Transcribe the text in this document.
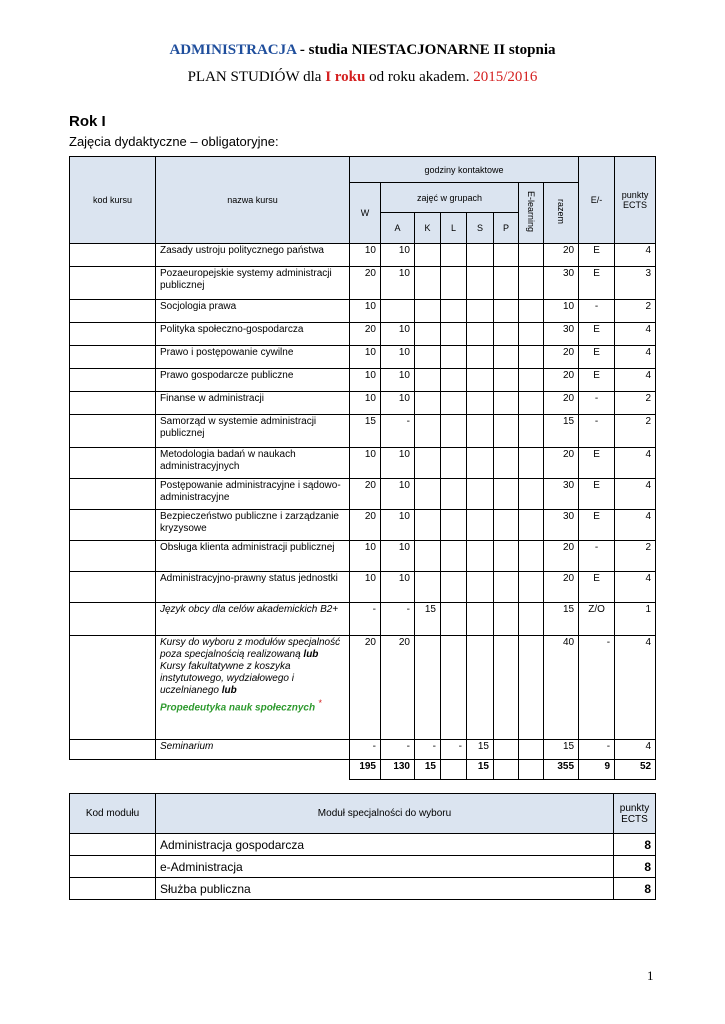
ADMINISTRACJA - studia NIESTACJONARNE II stopnia
PLAN STUDIÓW dla I roku od roku akadem. 2015/2016
Rok I
Zajęcia dydaktyczne – obligatoryjne:
kod kursu	nazwa kursu	godziny kontaktowe								E/-	punkty ECTS
		W	zajęć w grupach					E-learning	razem		
			A	K	L	S	P				
	Zasady ustroju politycznego państwa	10	10						20	E	4
	Pozaeuropejskie systemy administracji publicznej	20	10						30	E	3
	Socjologia prawa	10							10	-	2
	Polityka społeczno-gospodarcza	20	10						30	E	4
	Prawo i postępowanie cywilne	10	10						20	E	4
	Prawo gospodarcze publiczne	10	10						20	E	4
	Finanse w administracji	10	10						20	-	2
	Samorząd w systemie administracji publicznej	15	-						15	-	2
	Metodologia badań w naukach administracyjnych	10	10						20	E	4
	Postępowanie administracyjne i sądowo-administracyjne	20	10						30	E	4
	Bezpieczeństwo publiczne i zarządzanie kryzysowe	20	10						30	E	4
	Obsługa klienta administracji publicznej	10	10						20	-	2
	Administracyjno-prawny status jednostki	10	10						20	E	4
	Język obcy dla celów akademickich B2+	-	-	15					15	Z/O	1
	Kursy do wyboru z modułów specjalność poza specjalnością realizowaną lub
Kursy fakultatywne z koszyka instytutowego, wydziałowego i uczelnianego lub
Propedeutyka nauk społecznych *	20	20						40	-	4
	Seminarium	-	-	-	-	15			15	-	4
		195	130	15		15			355	9	52
Kod modułu	Moduł specjalności do wyboru	punkty ECTS
	Administracja gospodarcza	8
	e-Administracja	8
	Służba publiczna	8
1
